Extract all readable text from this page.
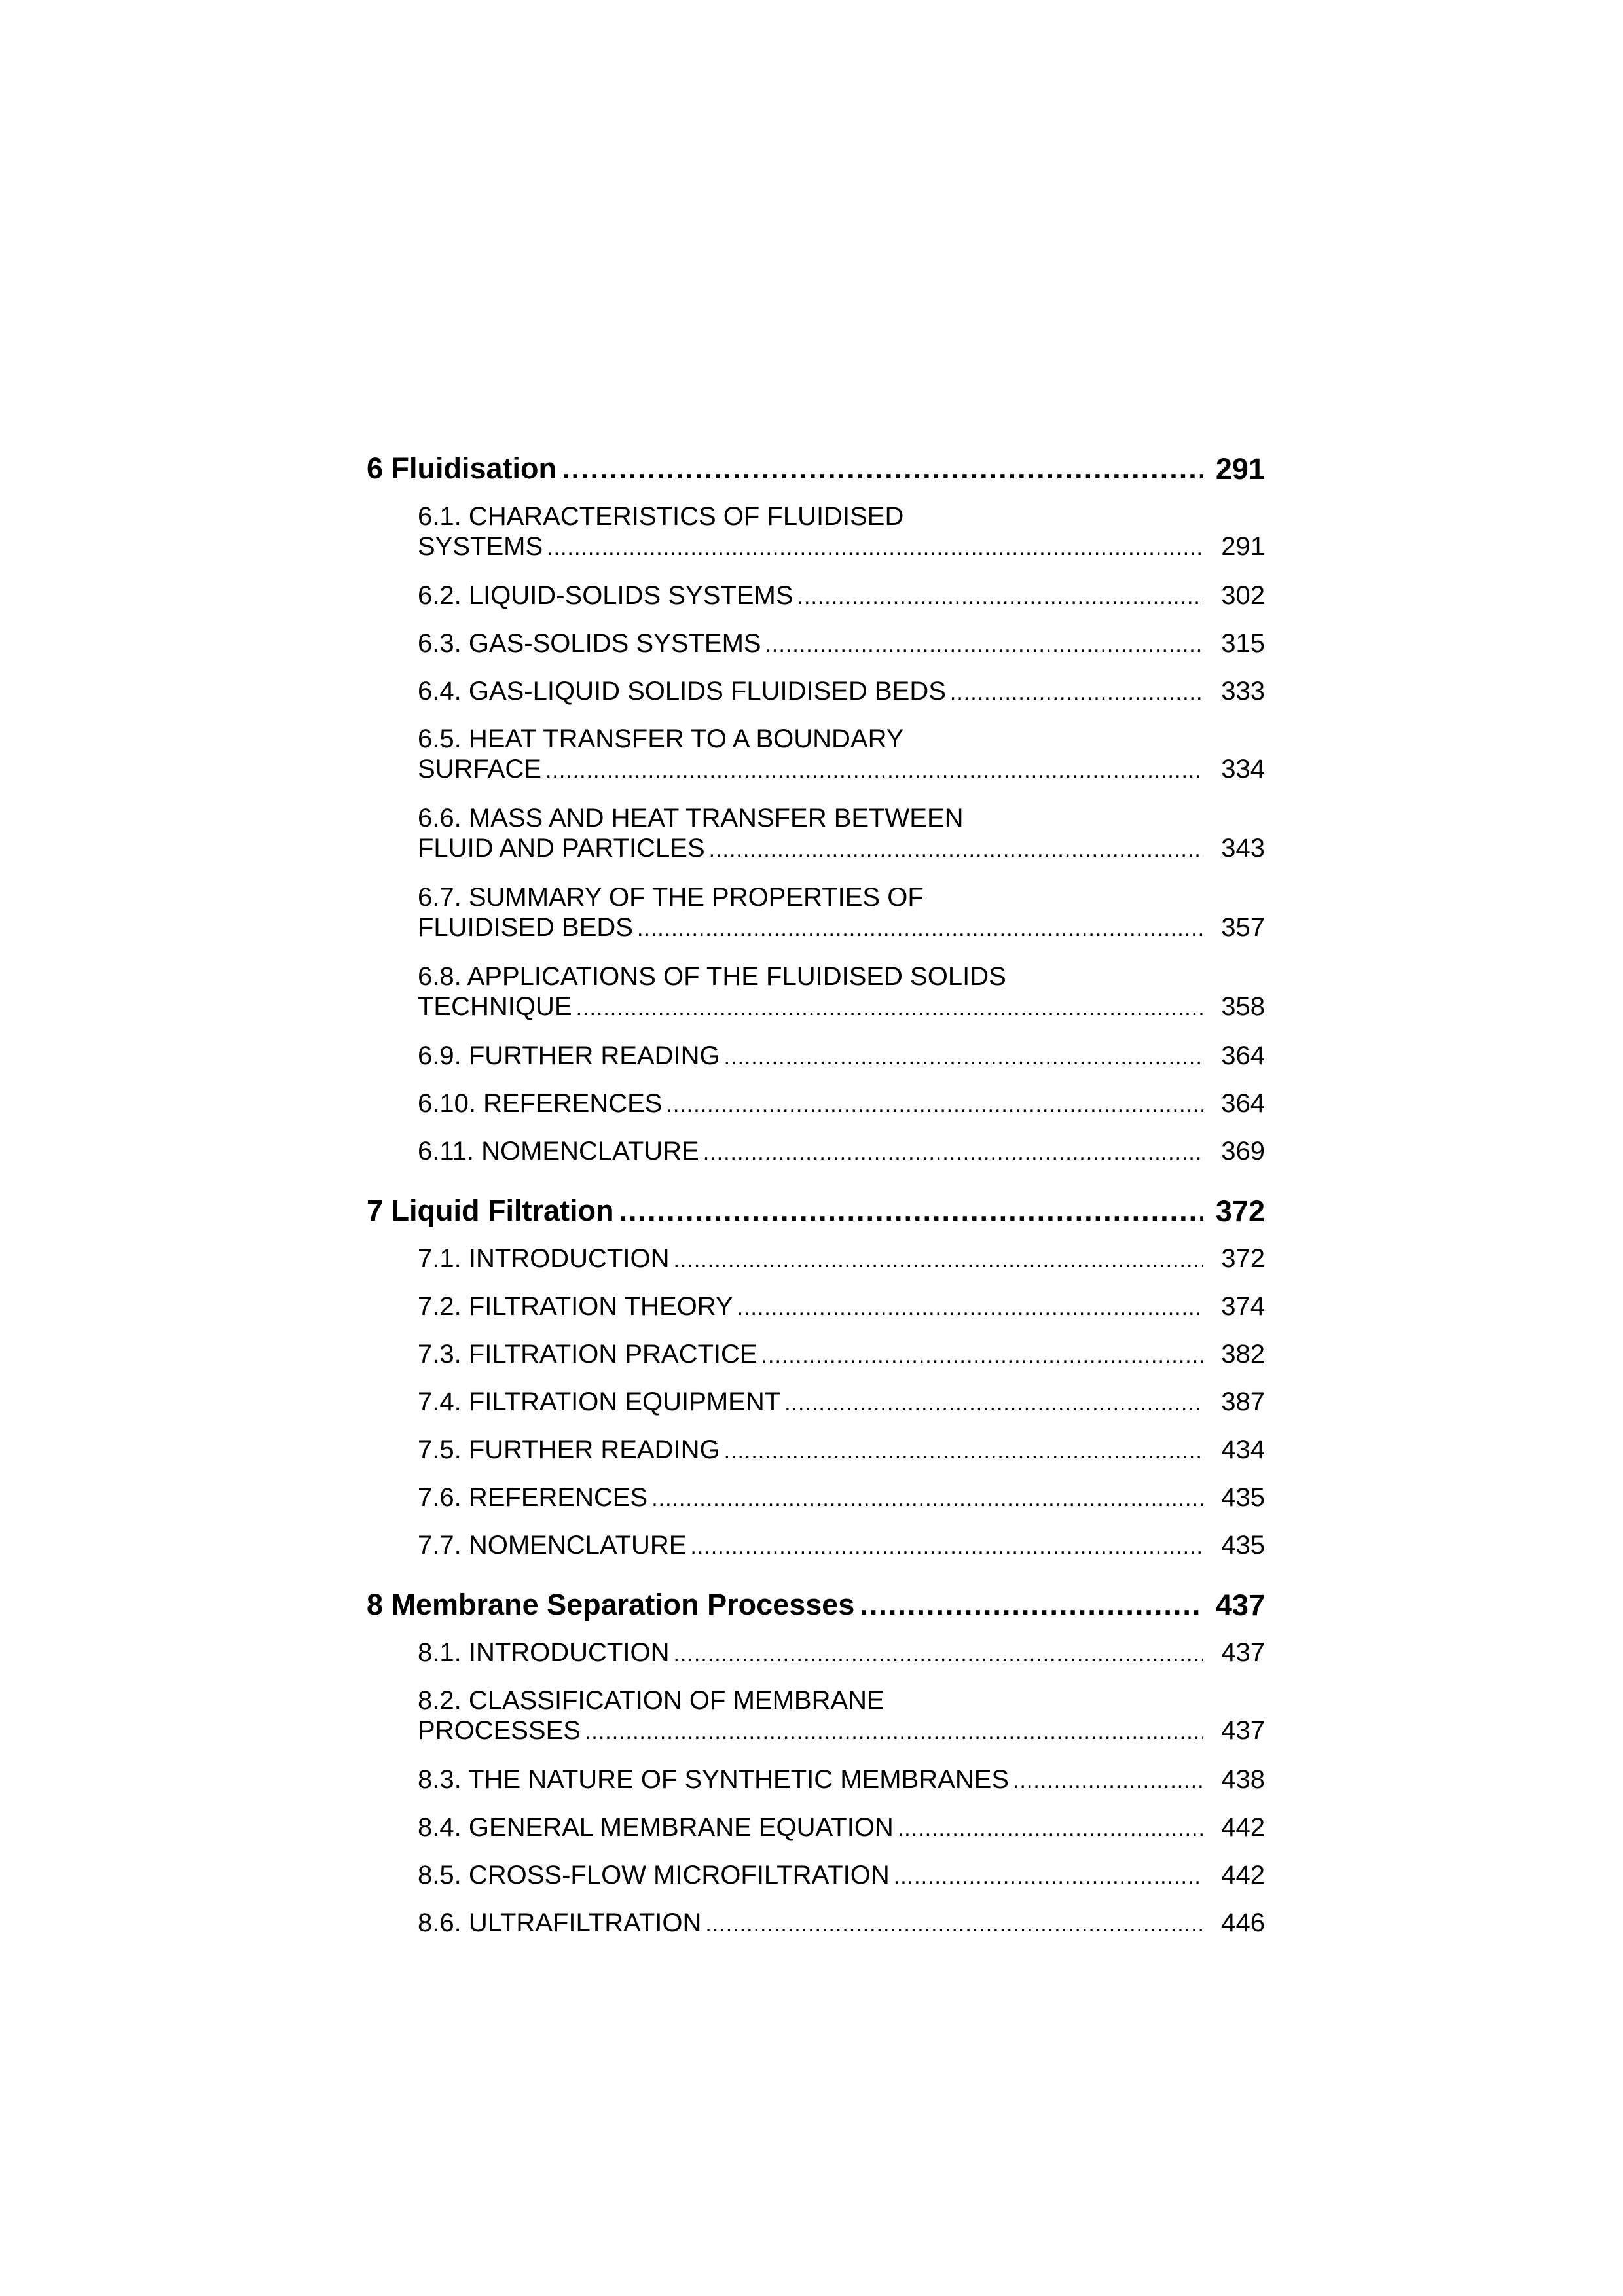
6 Fluidisation .....	291
6.1. CHARACTERISTICS OF FLUIDISED
SYSTEMS .....	291
6.2. LIQUID-SOLIDS SYSTEMS .....	302
6.3. GAS-SOLIDS SYSTEMS .....	315
6.4. GAS-LIQUID SOLIDS FLUIDISED BEDS .....	333
6.5. HEAT TRANSFER TO A BOUNDARY
SURFACE .....	334
6.6. MASS AND HEAT TRANSFER BETWEEN
FLUID AND PARTICLES .....	343
6.7. SUMMARY OF THE PROPERTIES OF
FLUIDISED BEDS .....	357
6.8. APPLICATIONS OF THE FLUIDISED SOLIDS
TECHNIQUE .....	358
6.9. FURTHER READING .....	364
6.10. REFERENCES .....	364
6.11. NOMENCLATURE .....	369
7 Liquid Filtration .....	372
7.1. INTRODUCTION .....	372
7.2. FILTRATION THEORY .....	374
7.3. FILTRATION PRACTICE .....	382
7.4. FILTRATION EQUIPMENT .....	387
7.5. FURTHER READING .....	434
7.6. REFERENCES .....	435
7.7. NOMENCLATURE .....	435
8 Membrane Separation Processes .....	437
8.1. INTRODUCTION .....	437
8.2. CLASSIFICATION OF MEMBRANE
PROCESSES .....	437
8.3. THE NATURE OF SYNTHETIC MEMBRANES .....	438
8.4. GENERAL MEMBRANE EQUATION .....	442
8.5. CROSS-FLOW MICROFILTRATION .....	442
8.6. ULTRAFILTRATION .....	446
